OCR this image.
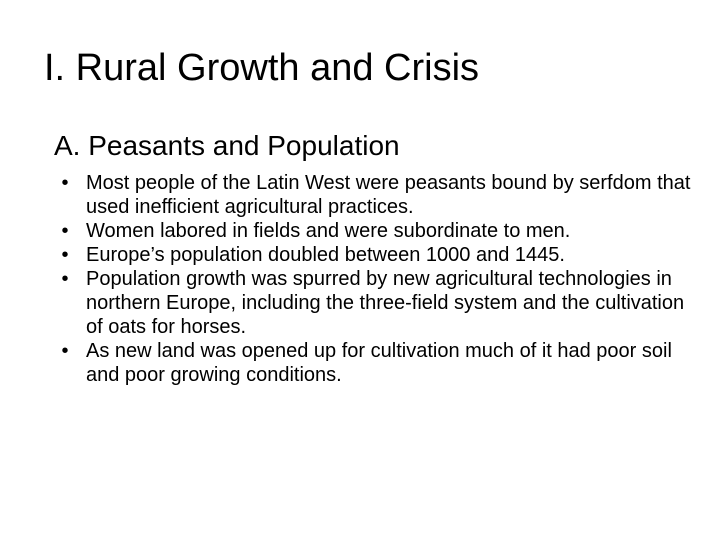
I. Rural Growth and Crisis
A. Peasants and Population
• Most people of the Latin West were peasants bound by serfdom that used inefficient agricultural practices.
• Women labored in fields and were subordinate to men.
• Europe’s population doubled between 1000 and 1445.
• Population growth was spurred by new agricultural technologies in northern Europe, including the three-field system and the cultivation of oats for horses.
• As new land was opened up for cultivation much of it had poor soil and poor growing conditions.
